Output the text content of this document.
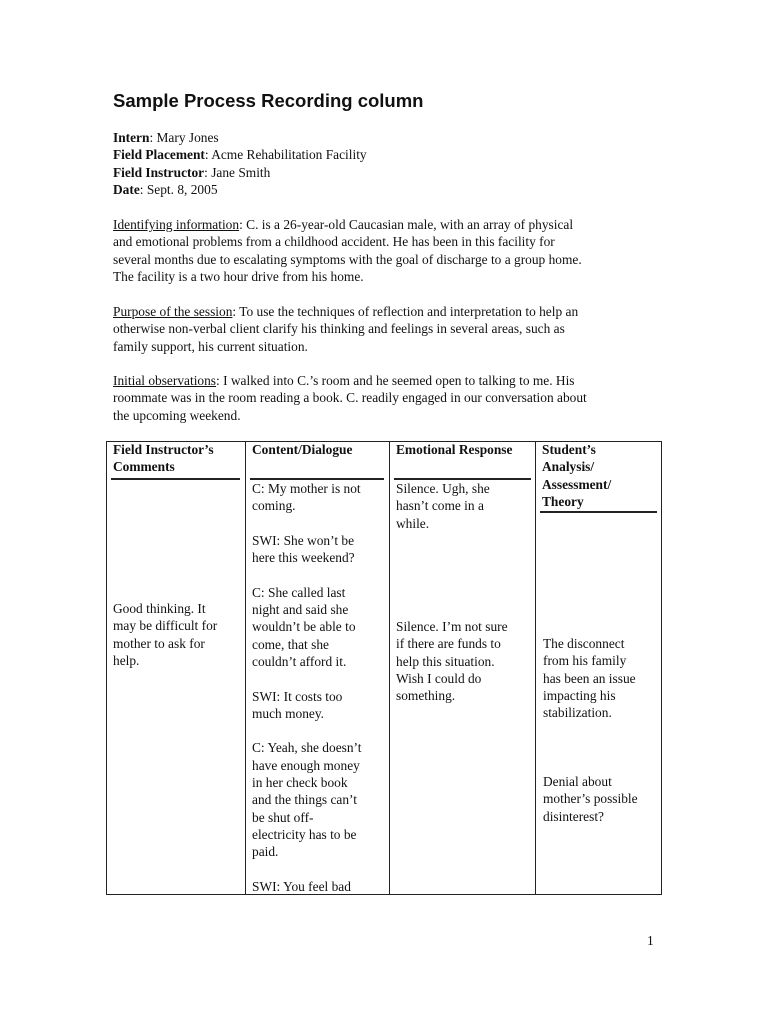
Sample Process Recording column
Intern: Mary Jones
Field Placement: Acme Rehabilitation Facility
Field Instructor: Jane Smith
Date: Sept. 8, 2005
Identifying information: C. is a 26-year-old Caucasian male, with an array of physical
and emotional problems from a childhood accident. He has been in this facility for
several months due to escalating symptoms with the goal of discharge to a group home.
The facility is a two hour drive from his home.
Purpose of the session: To use the techniques of reflection and interpretation to help an
otherwise non-verbal client clarify his thinking and feelings in several areas, such as
family support, his current situation.
Initial observations: I walked into C.’s room and he seemed open to talking to me. His
roommate was in the room reading a book. C. readily engaged in our conversation about
the upcoming weekend.
Field Instructor’s
Comments
Content/Dialogue	Emotional Response Student’s
Analysis/
Assessment/
Theory
Good thinking. It
may be difficult for
mother to ask for
help.

C: My mother is not
coming.

SWI: She won’t be
here this weekend?

C: She called last
night and said she
wouldn’t be able to
come, that she
couldn’t afford it.

SWI: It costs too
much money.

C: Yeah, she doesn’t
have enough money
in her check book
and the things can’t
be shut off-
electricity has to be
paid.

SWI: You feel bad

Silence. Ugh, she
hasn’t come in a
while.
Silence. I’m not sure
if there are funds to
help this situation.
Wish I could do
something.
The disconnect
from his family
has been an issue
impacting his
stabilization.
Denial about
mother’s possible
disinterest?
1
